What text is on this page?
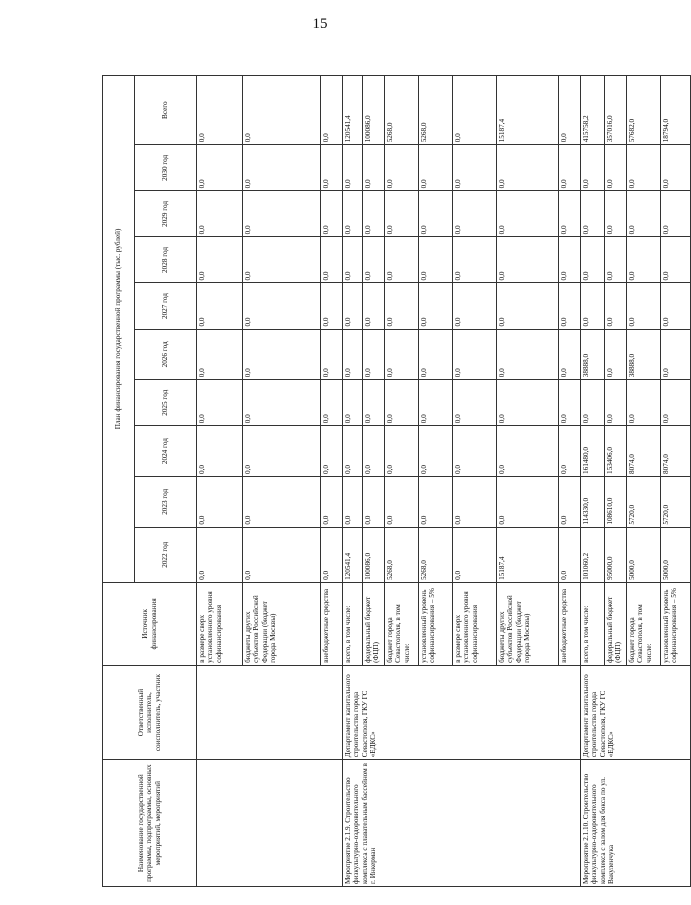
15
Наименование государственной программы, подпрограммы, основных мероприятий, мероприятий	Ответственный исполнитель, соисполнитель, участник	Источник финансирования	План финансирования государственной программы (тыс. рублей)									
			2022 год	2023 год	2024 год	2025 год	2026 год	2027 год	2028 год	2029 год	2030 год	Всего
		в размере сверх установленного уровня софинансирования	0,0	0,0	0,0	0,0	0,0	0,0	0,0	0,0	0,0	0,0
		бюджеты других субъектов Российской Федерации (бюджет города Москвы)	0,0	0,0	0,0	0,0	0,0	0,0	0,0	0,0	0,0	0,0
		внебюджетные средства	0,0	0,0	0,0	0,0	0,0	0,0	0,0	0,0	0,0	0,0
Мероприятие 2.1.9. Строительство физкультурно-оздоровительного комплекса с плавательным бассейном в г. Инкерман	Департамент капитального строительства города Севастополя, ГКУ ГС «ЕДКС»	всего, в том числе:	120541,4	0,0	0,0	0,0	0,0	0,0	0,0	0,0	0,0	120541,4
		федеральный бюджет (ФЦП)	100086,0	0,0	0,0	0,0	0,0	0,0	0,0	0,0	0,0	100086,0
		бюджет города Севастополя, в том числе:	5268,0	0,0	0,0	0,0	0,0	0,0	0,0	0,0	0,0	5268,0
		установленный уровень софинансирования – 5%	5268,0	0,0	0,0	0,0	0,0	0,0	0,0	0,0	0,0	5268,0
		в размере сверх установленного уровня софинансирования	0,0	0,0	0,0	0,0	0,0	0,0	0,0	0,0	0,0	0,0
		бюджеты других субъектов Российской Федерации (бюджет города Москвы)	15187,4	0,0	0,0	0,0	0,0	0,0	0,0	0,0	0,0	15187,4
		внебюджетные средства	0,0	0,0	0,0	0,0	0,0	0,0	0,0	0,0	0,0	0,0
Мероприятие 2.1.10. Строительство физкультурно-оздоровительного комплекса с залом для бокса по ул. Вакуленчука	Департамент капитального строительства города Севастополя, ГКУ ГС «ЕДКС»	всего, в том числе:	101060,2	114330,0	161480,0	0,0	38888,0	0,0	0,0	0,0	0,0	415758,2
		федеральный бюджет (ФЦП)	95000,0	108610,0	153406,0	0,0	0,0	0,0	0,0	0,0	0,0	357016,0
		бюджет города Севастополя, в том числе:	5000,0	5720,0	8074,0	0,0	38888,0	0,0	0,0	0,0	0,0	57682,0
		установленный уровень софинансирования – 5%	5000,0	5720,0	8074,0	0,0	0,0	0,0	0,0	0,0	0,0	18794,0
